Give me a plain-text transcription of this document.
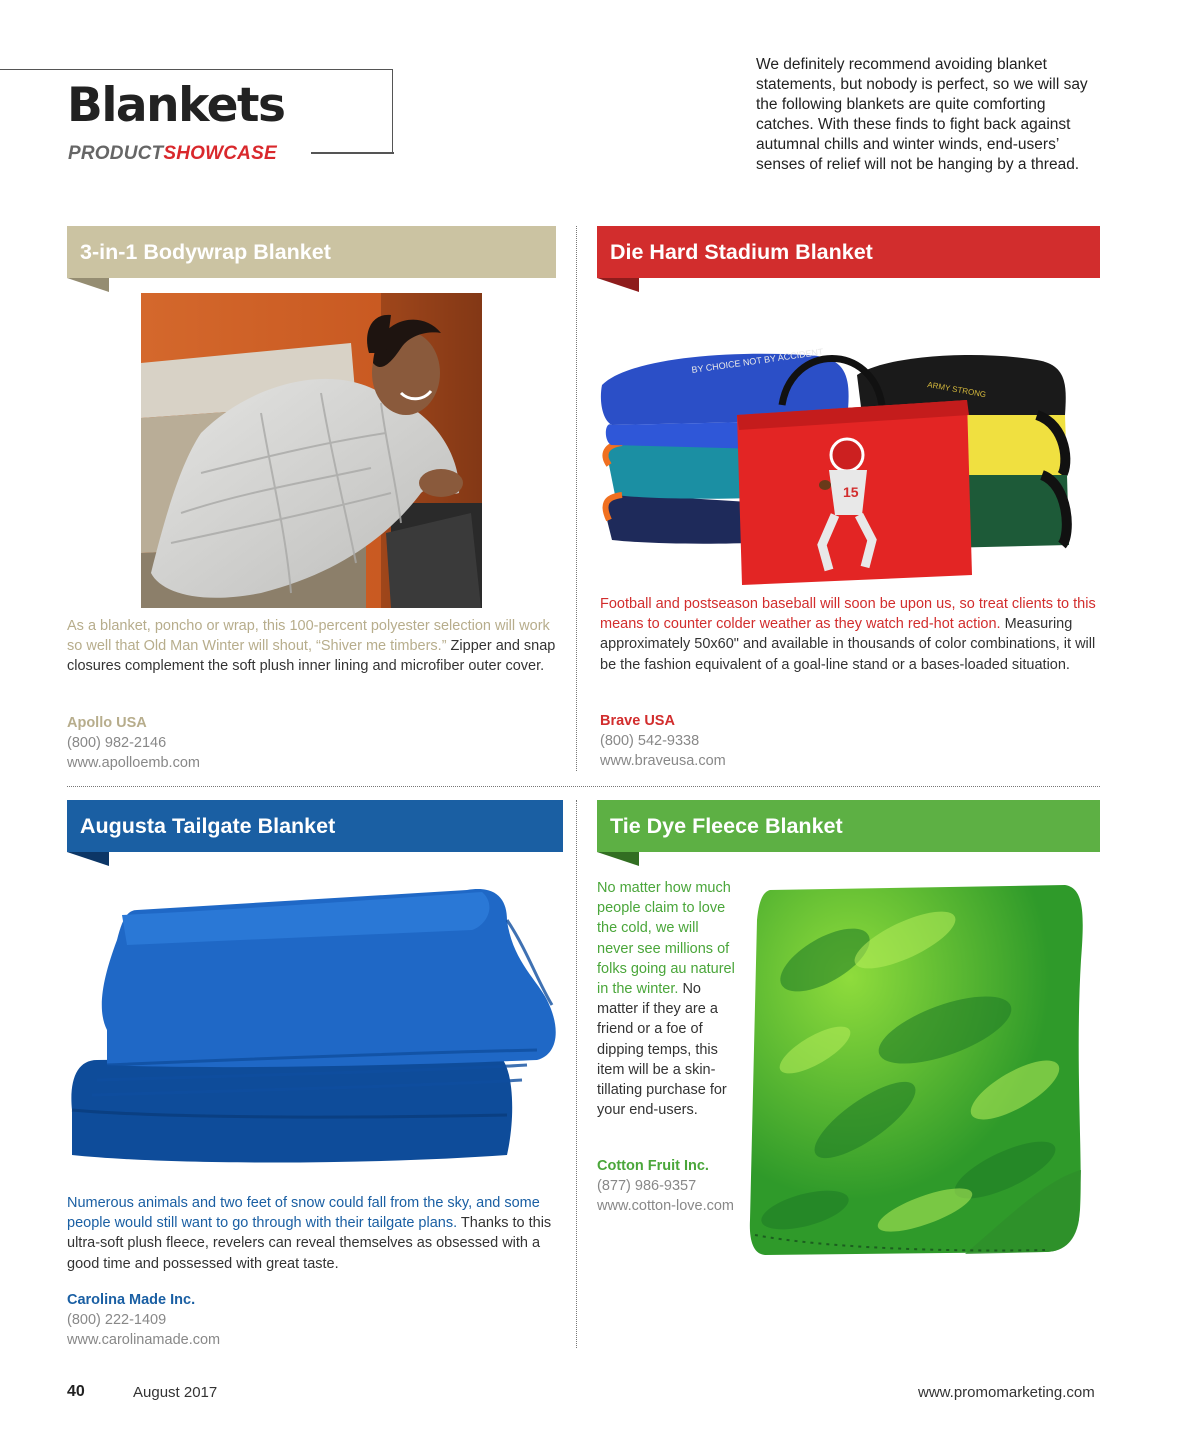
Blankets
PRODUCTSHOWCASE
We definitely recommend avoiding blanket statements, but nobody is perfect, so we will say the following blankets are quite comforting catches. With these finds to fight back against autumnal chills and winter winds, end-users’ senses of relief will not be hanging by a thread.
3-in-1 Bodywrap Blanket
As a blanket, poncho or wrap, this 100-percent polyester selection will work so well that Old Man Winter will shout, “Shiver me timbers.” Zipper and snap closures complement the soft plush inner lining and microfiber outer cover.

Apollo USA

(800) 982-2146
www.apolloemb.com
Die Hard Stadium Blanket
BY CHOICE NOT BY ACCIDENT
ARMY STRONG
15
Football and postseason baseball will soon be upon us, so treat clients to this means to counter colder weather as they watch red-hot action. Measuring approximately 50x60" and available in thousands of color combinations, it will be the fashion equivalent of a goal-line stand or a bases-loaded situation.

Brave USA

(800) 542-9338
www.braveusa.com
Augusta Tailgate Blanket
Numerous animals and two feet of snow could fall from the sky, and some people would still want to go through with their tailgate plans. Thanks to this ultra-soft plush fleece, revelers can reveal themselves as obsessed with a good time and possessed with great taste.

Carolina Made Inc.

(800) 222-1409
www.carolinamade.com
Tie Dye Fleece Blanket
No matter how much people claim to love the cold, we will never see millions of folks going au naturel in the winter. No matter if they are a friend or a foe of dipping temps, this item will be a skin-tillating purchase for your end-users.

Cotton Fruit Inc.

(877) 986-9357
www.cotton-love.com
40	August 2017	www.promomarketing.com
